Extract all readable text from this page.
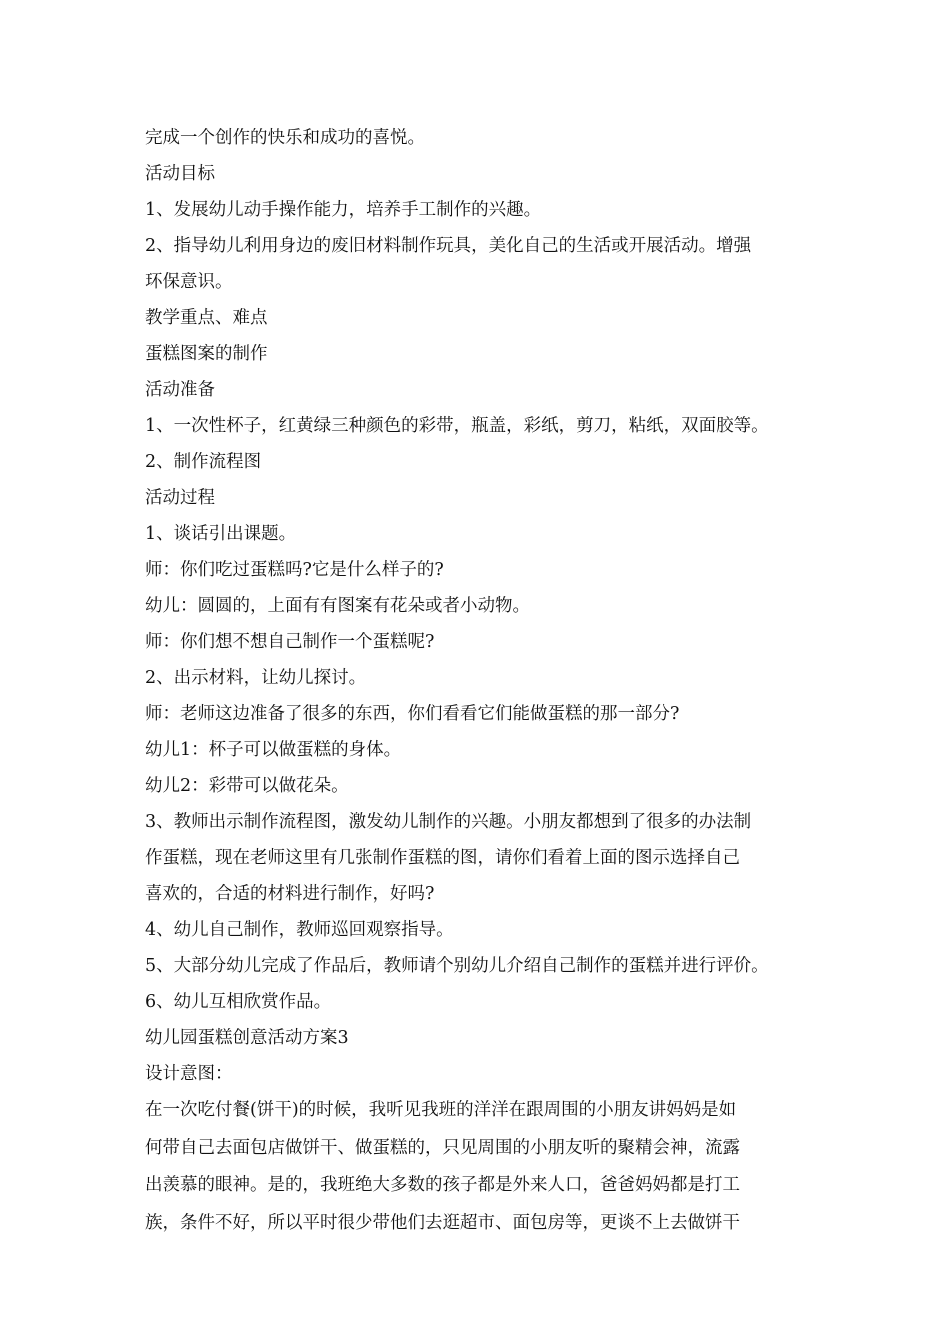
完成一个创作的快乐和成功的喜悦。

活动目标

1、发展幼儿动手操作能力，培养手工制作的兴趣。

2、指导幼儿利用身边的废旧材料制作玩具，美化自己的生活或开展活动。增强
环保意识。

教学重点、难点

蛋糕图案的制作

活动准备

1、一次性杯子，红黄绿三种颜色的彩带，瓶盖，彩纸，剪刀，粘纸，双面胶等。

2、制作流程图

活动过程

1、谈话引出课题。

师：你们吃过蛋糕吗?它是什么样子的?

幼儿：圆圆的，上面有有图案有花朵或者小动物。

师：你们想不想自己制作一个蛋糕呢?

2、出示材料，让幼儿探讨。

师：老师这边准备了很多的东西，你们看看它们能做蛋糕的那一部分?

幼儿1：杯子可以做蛋糕的身体。

幼儿2：彩带可以做花朵。

3、教师出示制作流程图，激发幼儿制作的兴趣。小朋友都想到了很多的办法制
作蛋糕，现在老师这里有几张制作蛋糕的图，请你们看着上面的图示选择自己
喜欢的，合适的材料进行制作，好吗?

4、幼儿自己制作，教师巡回观察指导。

5、大部分幼儿完成了作品后，教师请个别幼儿介绍自己制作的蛋糕并进行评价。

6、幼儿互相欣赏作品。

幼儿园蛋糕创意活动方案3

设计意图：

在一次吃付餐(饼干)的时候，我听见我班的洋洋在跟周围的小朋友讲妈妈是如
何带自己去面包店做饼干、做蛋糕的，只见周围的小朋友听的聚精会神，流露
出羡慕的眼神。是的，我班绝大多数的孩子都是外来人口，爸爸妈妈都是打工
族，条件不好，所以平时很少带他们去逛超市、面包房等，更谈不上去做饼干
